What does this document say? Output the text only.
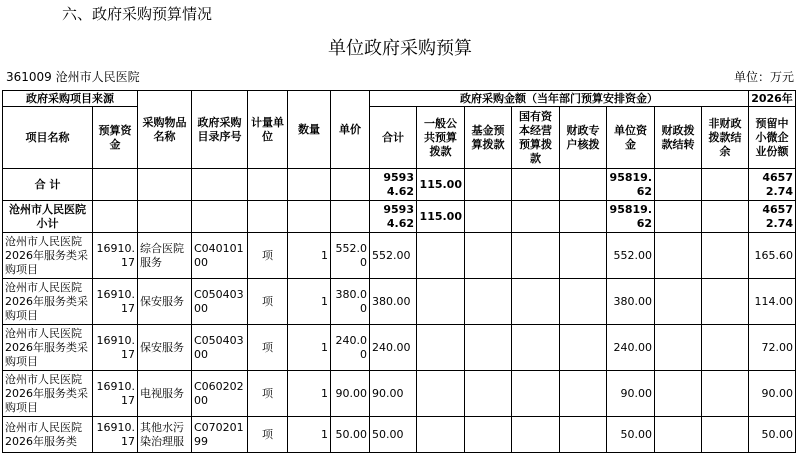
六、政府采购预算情况
单位政府采购预算
361009 沧州市人民医院	单位：万元
政府采购项目来源		采购物品名称	政府采购目录序号	计量单位	数量	单价	政府采购金额（当年部门预算安排资金）								2026年
项目名称	预算资金						合计	一般公共预算拨款	基金预算拨款	国有资本经营预算拨款	财政专户核拨	单位资金	财政拨款结转	非财政拨款结余	预留中小微企业份额
合 计							95934.62	115.00				95819.62			46572.74
沧州市人民医院小计							95934.62	115.00				95819.62			46572.74
沧州市人民医院2026年服务类采购项目	16910.17	综合医院服务	C04010100	项	1	552.00	552.00					552.00			165.60
沧州市人民医院2026年服务类采购项目	16910.17	保安服务	C05040300	项	1	380.00	380.00					380.00			114.00
沧州市人民医院2026年服务类采购项目	16910.17	保安服务	C05040300	项	1	240.00	240.00					240.00			72.00
沧州市人民医院2026年服务类采购项目	16910.17	电视服务	C06020200	项	1	90.00	90.00					90.00			90.00
沧州市人民医院2026年服务类	16910.17	其他水污染治理服	C07020199	项	1	50.00	50.00					50.00			50.00
